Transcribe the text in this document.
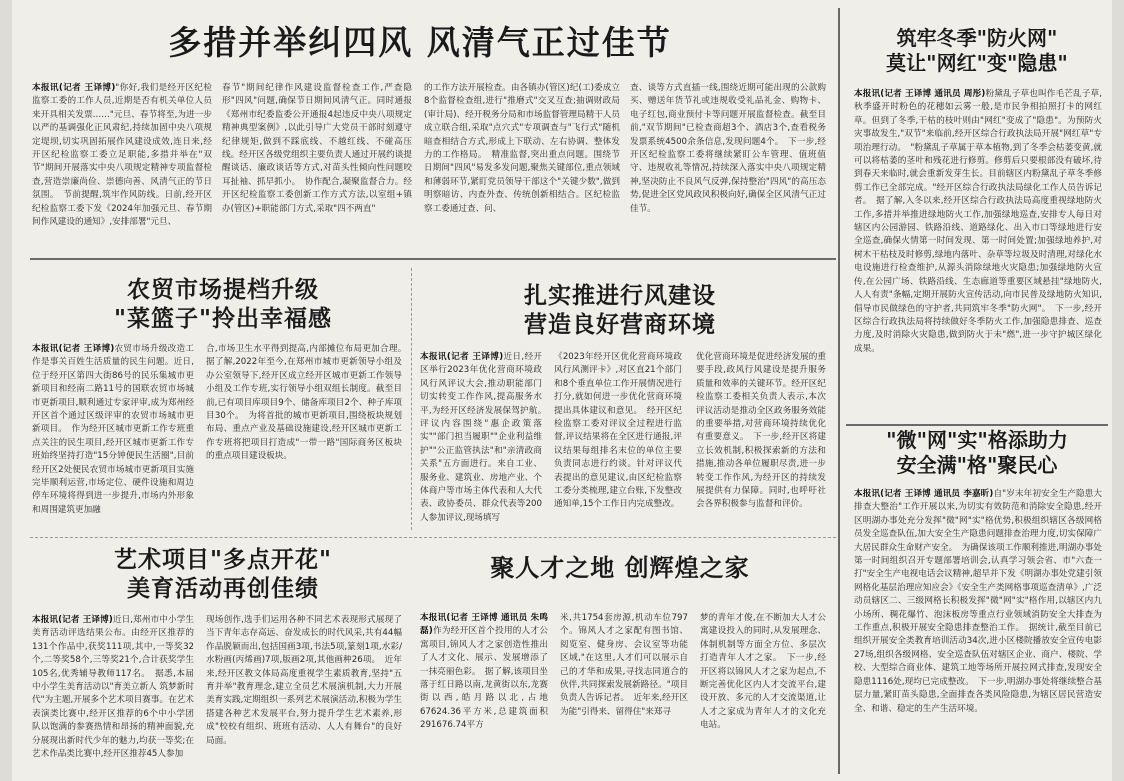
多措并举纠四风 风清气正过佳节
本报讯(记者 王译博)"你好,我们是经开区纪检监察工委的工作人员,近期是否有机关单位人员来开具相关发票……"元旦、春节将至,为进一步以严的基调强化正风肃纪,持续加固中央八项规定堤坝,切实巩固拓展作风建设成效,连日来,经开区纪检监察工委立足职能,多措并举在"双节"期间开展落实中央八项规定精神专项监督检查,营造崇廉尚俭、崇德向善、风清气正的节日氛围。　节前提醒,筑牢作风防线。日前,经开区纪检监察工委下发《2024年加强元旦、春节期间作风建设的通知》,安排部署"元旦、
春节"期间纪律作风建设监督检查工作,严查隐形"四风"问题,确保节日期间风清气正。同时通报《郑州市纪委监委公开通报4起违反中央八项规定精神典型案例》,以此引导广大党员干部时刻遵守纪律规矩,做到不踩底线、不越红线、不碰高压线。经开区各级党组织主要负责人通过开展约谈提醒谈话、廉政谈话等方式,对苗头性倾向性问题咬耳扯袖、抓早抓小。　协作配合,凝聚监督合力。经开区纪检监察工委创新工作方式方法,以室组+镇办(管区)+职能部门方式,采取"四不两直"
的工作方法开展检查。由各镇办(管区)纪(工)委成立8个监督检查组,进行"推磨式"交叉互查;抽调财政局(审计局)、经开税务分局和市场监督管理局精干人员成立联合组,采取"点穴式"专项调查与"飞行式"随机暗查相结合方式,形成上下联动、左右协调、整体发力的工作格局。　精准监督,突出重点问题。围绕节日期间"四风"易发多发问题,聚焦关键部位,重点领域和薄弱环节,紧盯党员领导干部这个"关键少数",做到明察暗访、内查外查、传统创新相结合。区纪检监察工委通过查、问、
查、谈等方式直插一线,围绕近期可能出现的公款购买、赠送年货节礼或违规收受礼品礼金、购物卡、电子红包,商业预付卡等问题开展监督检查。截至目前,"双节期间"已检查商超3个、酒店3个,查看税务发票系统4500余条信息,发现问题4个。　下一步,经开区纪检监察工委将继续紧盯公车管理、值班值守、违规收礼等情况,持续深入落实中央八项规定精神,坚决防止不良风气反弹,保持整治"四风"的高压态势,促进全区党风政风积极向好,确保全区风清气正过佳节。
农贸市场提档升级
"菜篮子"拎出幸福感
本报讯(记者 王译博)农贸市场升级改造工作是事关百姓生活质量的民生问题。近日,位于经开区第四大街86号的民乐集城市更新项目和经南二路11号的国联农贸市场城市更新项目,顺利通过专家评审,成为郑州经开区首个通过区级评审的农贸市场城市更新项目。　作为经开区城市更新工作专班重点关注的民生项目,经开区城市更新工作专班始终坚持打造"15分钟便民生活圈",目前经开区2处便民农贸市场城市更新项目实施完毕顺利运营,市场定位、硬件设施和周边停车环境将得到进一步提升,市场内外形象和周围建筑更加融
合,市场卫生水平得到提高,内部摊位布局更加合理。　据了解,2022年至今,在郑州市城市更新领导小组及办公室领导下,经开区成立经开区城市更新工作领导小组及工作专班,实行领导小组双组长制度。截至目前,已有项目库项目9个、储备库项目2个、种子库项目30个。　为将首批的城市更新项目,围绕板块规划布局、重点产业及基础设施建设,经开区城市更新工作专班将把项目打造成"一带一路"国际商务区板块的重点项目建设板块。
扎实推进行风建设
营造良好营商环境
本报讯(记者 王译博)近日,经开区举行2023年优化营商环境政风行风评议大会,推动职能部门切实转变工作作风,提高服务水平,为经开区经济发展保驾护航。　评议内容围绕"惠企政策落实""部门担当履职""企业利益维护""公正监管执法"和"亲清政商关系"五方面进行。来自工业、服务业、建筑业、房地产业、个体商户等市场主体代表和人大代表、政协委员、群众代表等200人参加评议,现场填写
《2023年经开区优化营商环境政风行风测评卡》,对区直21个部门和8个垂直单位工作开展情况进行打分,就如何进一步优化营商环境提出具体建议和意见。　经开区纪检监察工委对评议全过程进行监督,评议结果将在全区进行通报,评议结果每组排名末位的单位主要负责同志进行约谈。针对评议代表提出的意见建议,由区纪检监察工委分类梳理,建立台账,下发整改通知单,15个工作日内完成整改。
优化营商环境是促进经济发展的重要手段,政风行风建设是提升服务质量和效率的关键环节。经开区纪检监察工委相关负责人表示,本次评议活动是推动全区政务服务效能的重要举措,对营商环境持续优化有重要意义。　下一步,经开区将建立长效机制,积极探索新的方法和措施,推动各单位履职尽责,进一步转变工作作风,为经开区的持续发展提供有力保障。同时,也呼吁社会各界积极参与监督和评价。
艺术项目"多点开花"
美育活动再创佳绩
本报讯(记者 王译博)近日,郑州市中小学生美育活动评选结果公布。由经开区推荐的131个作品中,获奖111项,其中,一等奖32个,二等奖58个,三等奖21个,合计获奖学生105名,优秀辅导教师117名。　据悉,本届中小学生美育活动以"育美立新人 筑梦新时代"为主题,开展多个艺术项目赛事。在艺术表演类比赛中,经开区推荐的6个中小学团队以饱满的参赛热情和昂扬的精神面貌,充分展现出新时代少年的魅力,均获一等奖;在艺术作品类比赛中,经开区推荐45人参加
现场创作,选手们运用各种不同艺术表现形式展现了当下青年志存高远、奋发成长的时代风采,共有44幅作品脱颖而出,包括国画3项,书法5项,篆刻1项,水彩/水粉画(丙烯画)7项,版画2项,其他画种26项。　近年来,经开区教文体局高度重视学生素质教育,坚持"五育并举"教育理念,建立全员艺术展演机制,大力开展美育实践,定期组织一系列艺术展演活动,积极为学生搭建各种艺术发展平台,努力提升学生艺术素养,形成"校校有组织、班班有活动、人人有舞台"的良好局面。
聚人才之地 创辉煌之家
本报讯(记者 王译博 通讯员 朱鸣磊)作为经开区首个投用的人才公寓项目,锦风人才之家创造性推出了人才文化、展示、发展增添了一抹亮丽色彩。　据了解,该项目坐落于红日路以南,龙黄街以东,龙赛街以西,皓月路以北,占地67624.36平方米,总建筑面积291676.74平方
米,共1754套房源,机动车位797个。锦风人才之家配有图书馆、阅览室、健身房、会议室等功能区域,"在这里,人才们可以展示自己的才华和成果,寻找志同道合的伙伴,共同探索发展新路径。"项目负责人告诉记者。　近年来,经开区为能"引得来、留得住"来郑寻
梦的青年才俊,在不断加大人才公寓建设投入的同时,从发展理念、体制机制等方面全方位、多层次打造青年人才之家。　下一步,经开区将以锦风人才之家为起点,不断完善优化区内人才交流平台,建设开放、多元的人才交流渠道,让人才之家成为青年人才的文化充电站。
筑牢冬季"防火网"
莫让"网红"变"隐患"
本报讯(记者 王译博 通讯员 周彤)粉黛乱子草也叫作毛芒乱子草,秋季盛开时粉色的花穗如云雾一般,是市民争相拍照打卡的网红草。但到了冬季,干枯的枝叶则由"网红"变成了"隐患"。为预防火灾事故发生,"双节"来临前,经开区综合行政执法局开展"网红草"专项治理行动。　"粉黛乱子草属于草本植物,到了冬季会枯萎变黄,就可以将枯萎的茎叶和残花进行修剪。修剪后只要根部没有破坏,待到春天来临时,就会重新发芽生长。目前辖区内粉黛乱子草冬季修剪工作已全部完成。"经开区综合行政执法局绿化工作人员告诉记者。　据了解,入冬以来,经开区综合行政执法局高度重视绿地防火工作,多措并举推进绿地防火工作,加强绿地巡查,安排专人每日对辖区内公园游园、铁路沿线、道路绿化、出入市口等绿地进行安全巡查,确保火情第一时间发现、第一时间处置;加强绿地养护,对树木干枯枝及时修剪,绿地内落叶、杂草等垃圾及时清理,对绿化水电设施进行检查维护,从源头消除绿地火灾隐患;加强绿地防火宣传,在公园广场、铁路沿线、生态廊道等重要区域悬挂"绿地防火,人人有责"条幅,定期开展防火宣传活动,向市民普及绿地防火知识,倡导市民做绿色的守护者,共同筑牢冬季"防火网"。　下一步,经开区综合行政执法局将持续做好冬季防火工作,加强隐患排查、巡查力度,及时消除火灾隐患,做到防火于未"燃",进一步守护城区绿化成果。
"微"网"实"格添助力
安全满"格"聚民心
本报讯(记者 王译博 通讯员 李嘉昕)自"岁末年初安全生产隐患大排查大整治"工作开展以来,为切实有效防范和消除安全隐患,经开区明湖办事处充分发挥"微"网"实"格优势,积极组织辖区各级网格员发全巡查队伍,加大安全生产隐患问题排查治理力度,切实保障广大居民群众生命财产安全。　为确保该项工作顺利推进,明湖办事处第一时间组织召开专题部署培训会,认真学习领会省、市"六查一打"安全生产电视电话会议精神,超早并下发《明湖办事处党建引领网格化基层治理应知应会》《安全生产类网格事项巡查清单》,广泛动员辖区二、三级网格长积极发挥"微"网"实"格作用,以辖区内九小场所、稠花爆竹、泡沫板房等重点行业领域消防安全大排查为工作重点,积极开展安全隐患排查整治工作。　据统计,截至目前已组织开展安全类教育培训活动34次,进小区楼院播放安全宣传电影27场,组织各级网格、安全巡查队伍对辖区企业、商户、楼院、学校、大型综合商业体、建筑工地等场所开展拉网式排查,发现安全隐患1116处,现均已完成整改。　下一步,明湖办事处将继续整合基层力量,紧盯苗头隐患,全面排查各类风险隐患,为辖区居民营造安全、和谐、稳定的生产生活环境。
